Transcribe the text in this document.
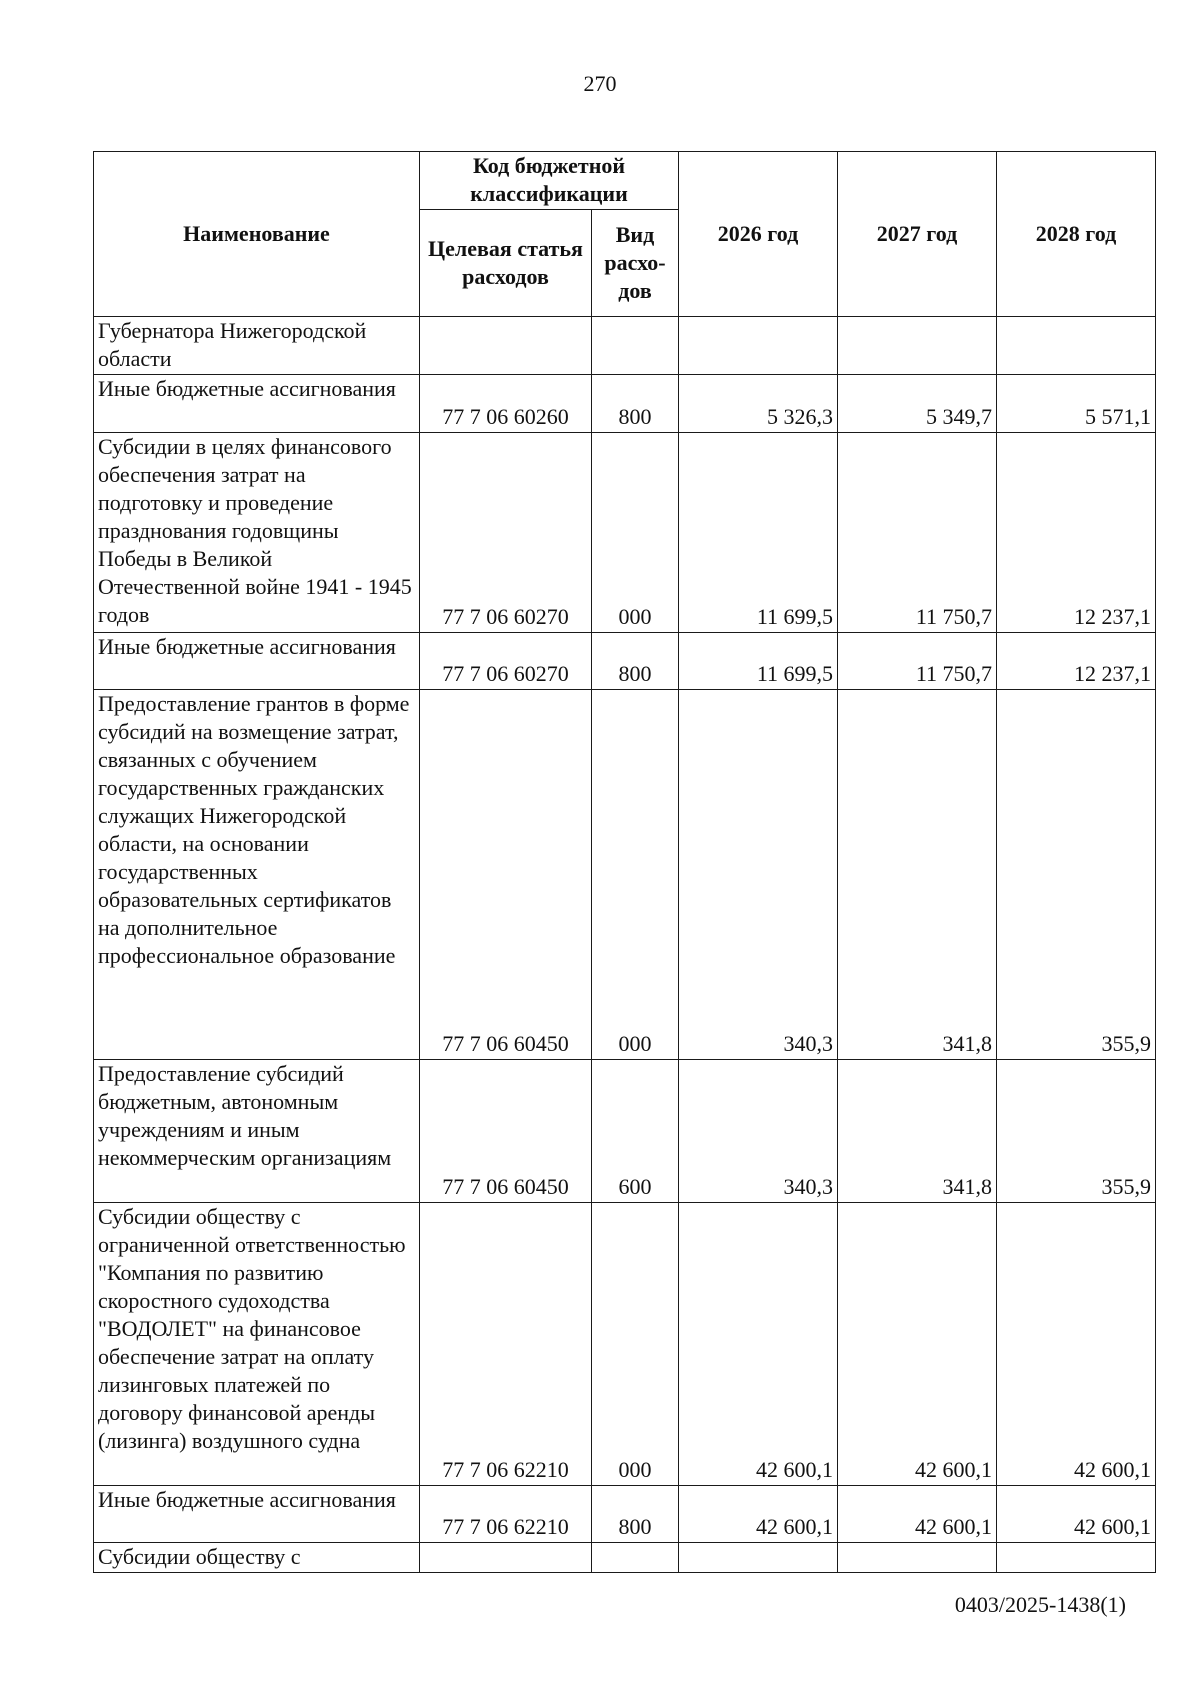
270
Наименование	Код бюджетной классификации		2026 год	2027 год	2028 год
	Целевая статья расходов	Вид расхо-
дов			
Губернатора Нижегородской области					
Иные бюджетные ассигнования	77 7 06 60260	800	5 326,3	5 349,7	5 571,1
Субсидии в целях финансового обеспечения затрат на подготовку и проведение празднования годовщины Победы в Великой Отечественной войне 1941 - 1945 годов	77 7 06 60270	000	11 699,5	11 750,7	12 237,1
Иные бюджетные ассигнования	77 7 06 60270	800	11 699,5	11 750,7	12 237,1
Предоставление грантов в форме субсидий на возмещение затрат, связанных с обучением государственных гражданских служащих Нижегородской области, на основании государственных образовательных сертификатов на дополнительное профессиональное образование	77 7 06 60450	000	340,3	341,8	355,9
Предоставление субсидий бюджетным, автономным учреждениям и иным некоммерческим организациям	77 7 06 60450	600	340,3	341,8	355,9
Субсидии обществу с ограниченной ответственностью "Компания по развитию скоростного судоходства "ВОДОЛЕТ" на финансовое обеспечение затрат на оплату лизинговых платежей по договору финансовой аренды (лизинга) воздушного судна	77 7 06 62210	000	42 600,1	42 600,1	42 600,1
Иные бюджетные ассигнования	77 7 06 62210	800	42 600,1	42 600,1	42 600,1
Субсидии обществу с					
0403/2025-1438(1)
